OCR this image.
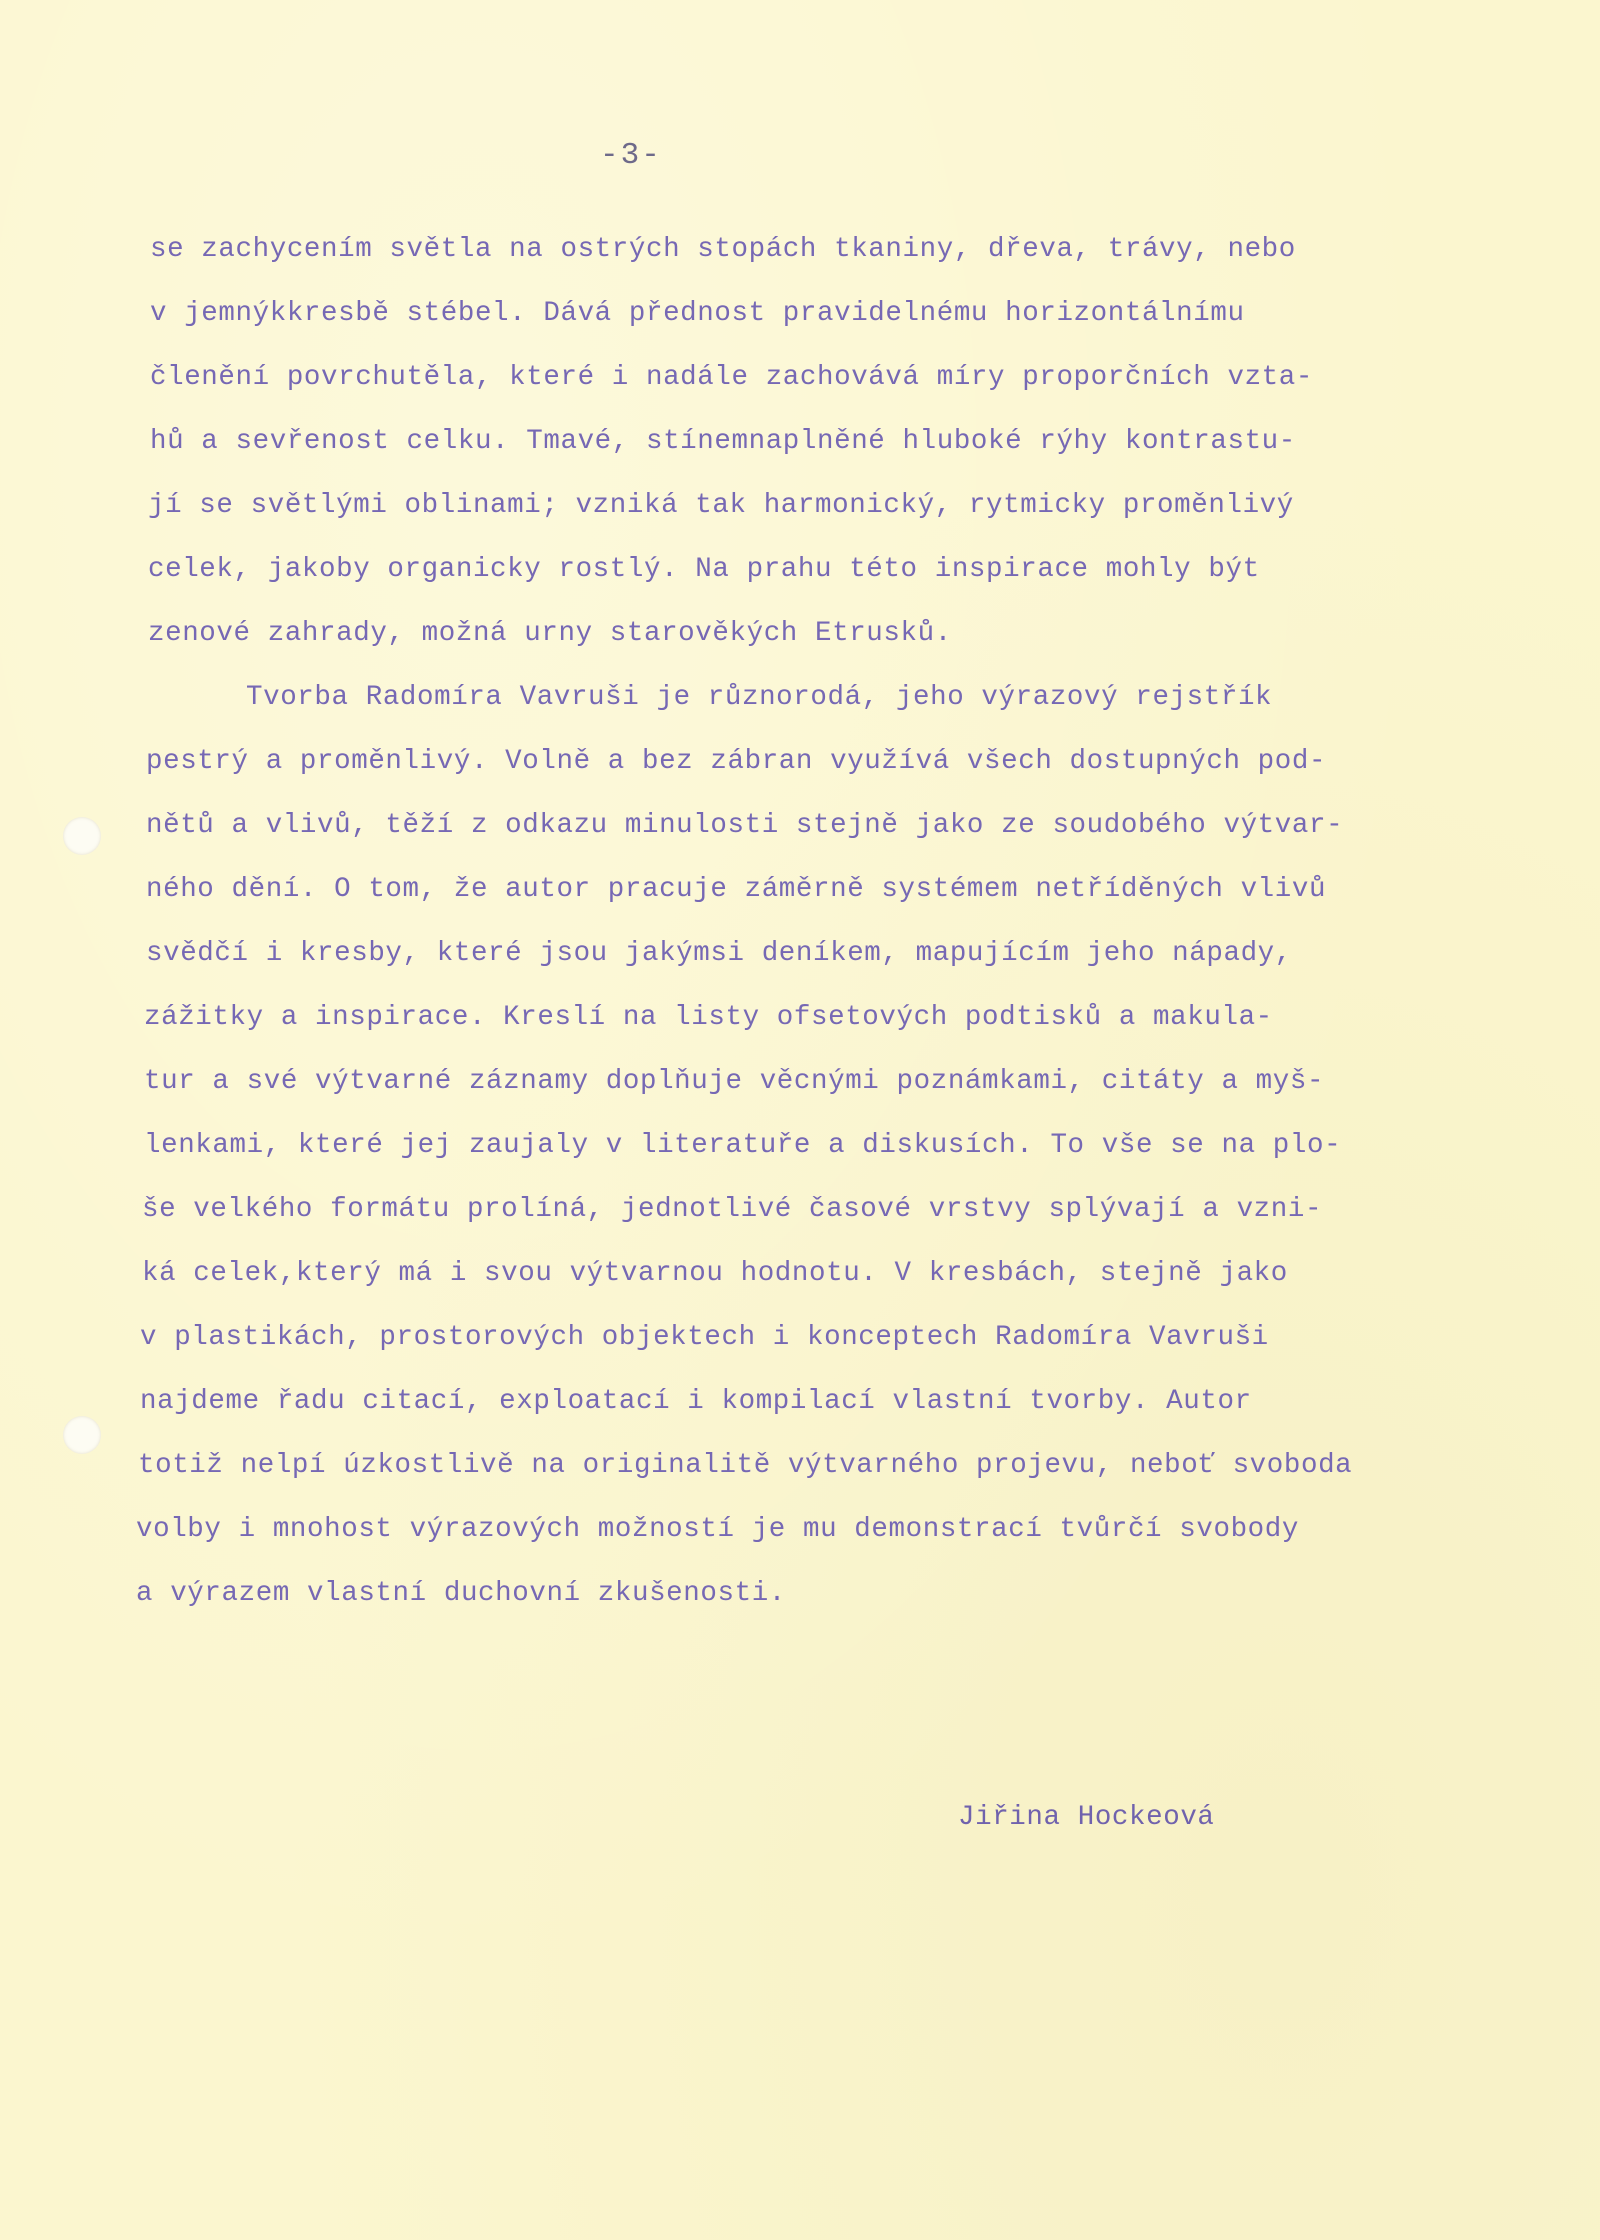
-3-
se zachycením světla na ostrých stopách tkaniny, dřeva, trávy, nebo
v jemnýkkresbě stébel. Dává přednost pravidelnému horizontálnímu
členění povrchutěla, které i nadále zachovává míry proporčních vzta-
hů a sevřenost celku. Tmavé, stínemnaplněné hluboké rýhy kontrastu-
jí se světlými oblinami; vzniká tak harmonický, rytmicky proměnlivý
celek, jakoby organicky rostlý. Na prahu této inspirace mohly být
zenové zahrady, možná urny starověkých Etrusků.
Tvorba Radomíra Vavruši je různorodá, jeho výrazový rejstřík
pestrý a proměnlivý. Volně a bez zábran využívá všech dostupných pod-
nětů a vlivů, těží z odkazu minulosti stejně jako ze soudobého výtvar-
ného dění. O tom, že autor pracuje záměrně systémem netříděných vlivů
svědčí i kresby, které jsou jakýmsi deníkem, mapujícím jeho nápady,
zážitky a inspirace. Kreslí na listy ofsetových podtisků a makula-
tur a své výtvarné záznamy doplňuje věcnými poznámkami, citáty a myš-
lenkami, které jej zaujaly v literatuře a diskusích. To vše se na plo-
še velkého formátu prolíná, jednotlivé časové vrstvy splývají a vzni-
ká celek,který má i svou výtvarnou hodnotu. V kresbách, stejně jako
v plastikách, prostorových objektech i konceptech Radomíra Vavruši
najdeme řadu citací, exploatací i kompilací vlastní tvorby. Autor
totiž nelpí úzkostlivě na originalitě výtvarného projevu, neboť svoboda
volby i mnohost výrazových možností je mu demonstrací tvůrčí svobody
a výrazem vlastní duchovní zkušenosti.
Jiřina Hockeová
